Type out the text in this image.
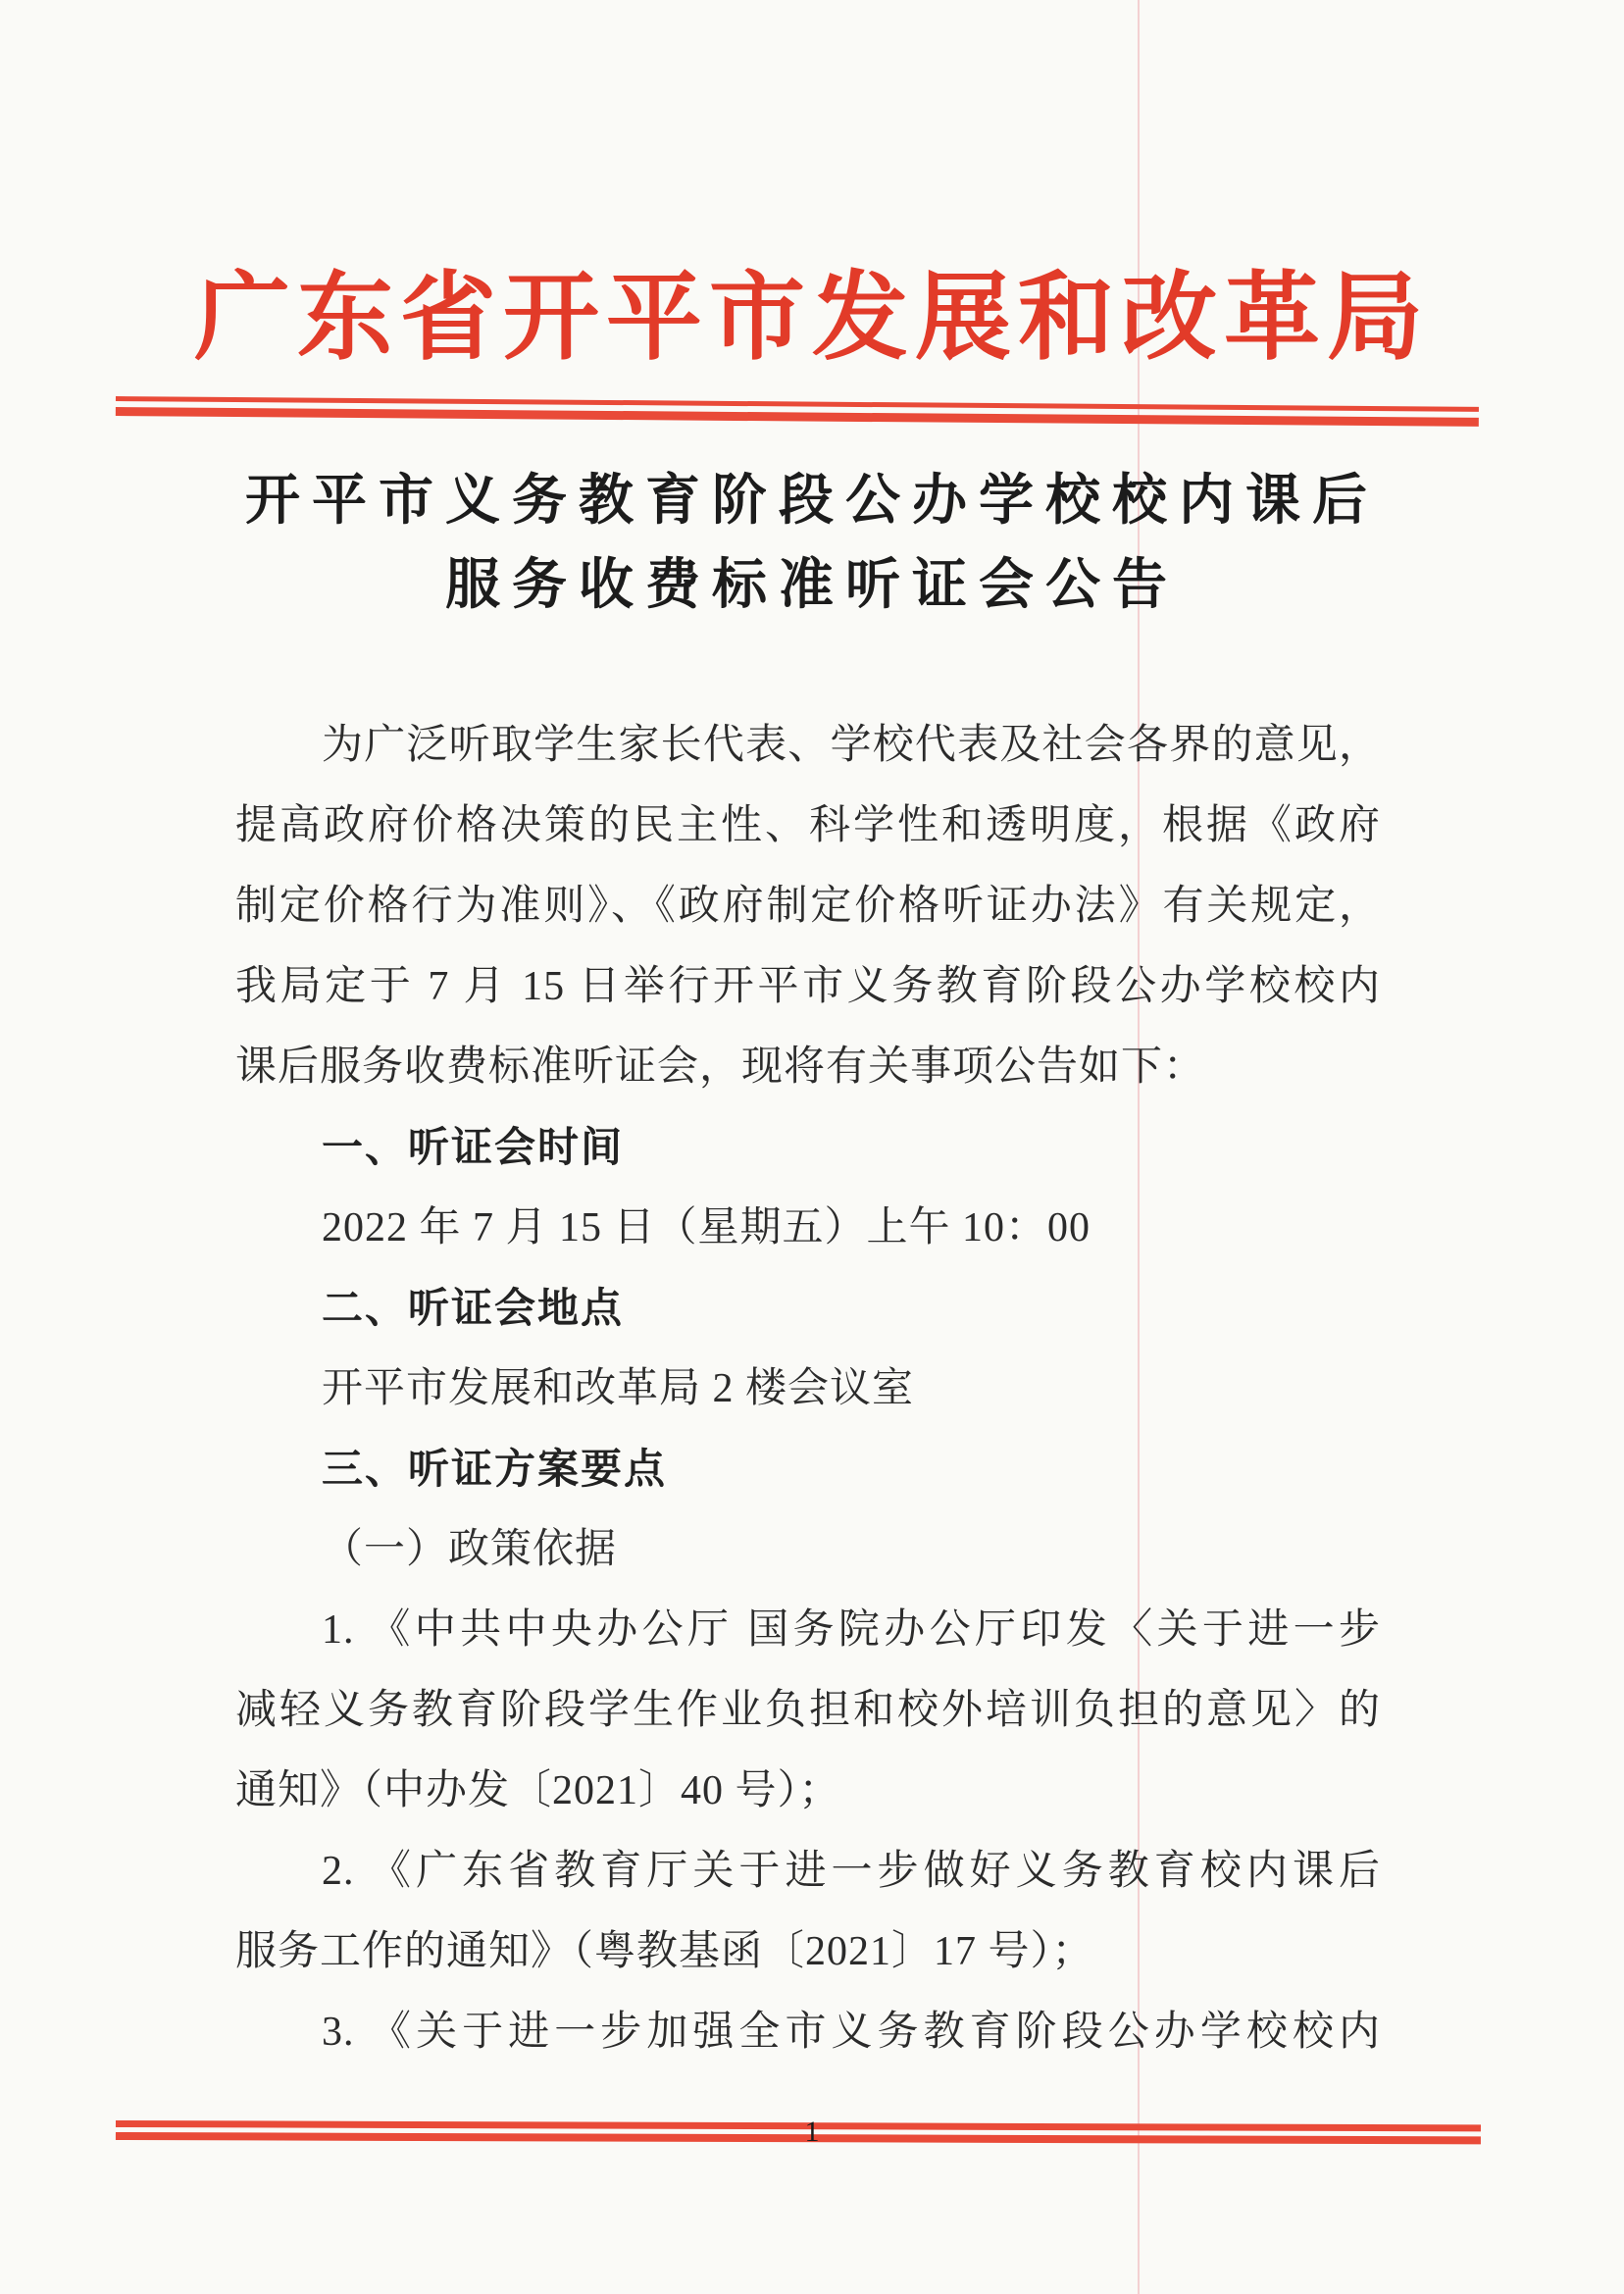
广东省开平市发展和改革局
开平市义务教育阶段公办学校校内课后
服务收费标准听证会公告
为广泛听取学生家长代表、学校代表及社会各界的意见，
提高政府价格决策的民主性、科学性和透明度，根据《政府
制定价格行为准则》、《政府制定价格听证办法》有关规定，
我局定于 7 月 15 日举行开平市义务教育阶段公办学校校内
课后服务收费标准听证会，现将有关事项公告如下：
一、听证会时间
2022 年 7 月 15 日（星期五）上午 10：00
二、听证会地点
开平市发展和改革局 2 楼会议室
三、听证方案要点
（一）政策依据
1. 《中共中央办公厅 国务院办公厅印发〈关于进一步
减轻义务教育阶段学生作业负担和校外培训负担的意见〉的
通知》（中办发〔2021〕40 号）；
2. 《广东省教育厅关于进一步做好义务教育校内课后
服务工作的通知》（粤教基函〔2021〕17 号）；
3. 《关于进一步加强全市义务教育阶段公办学校校内
1
